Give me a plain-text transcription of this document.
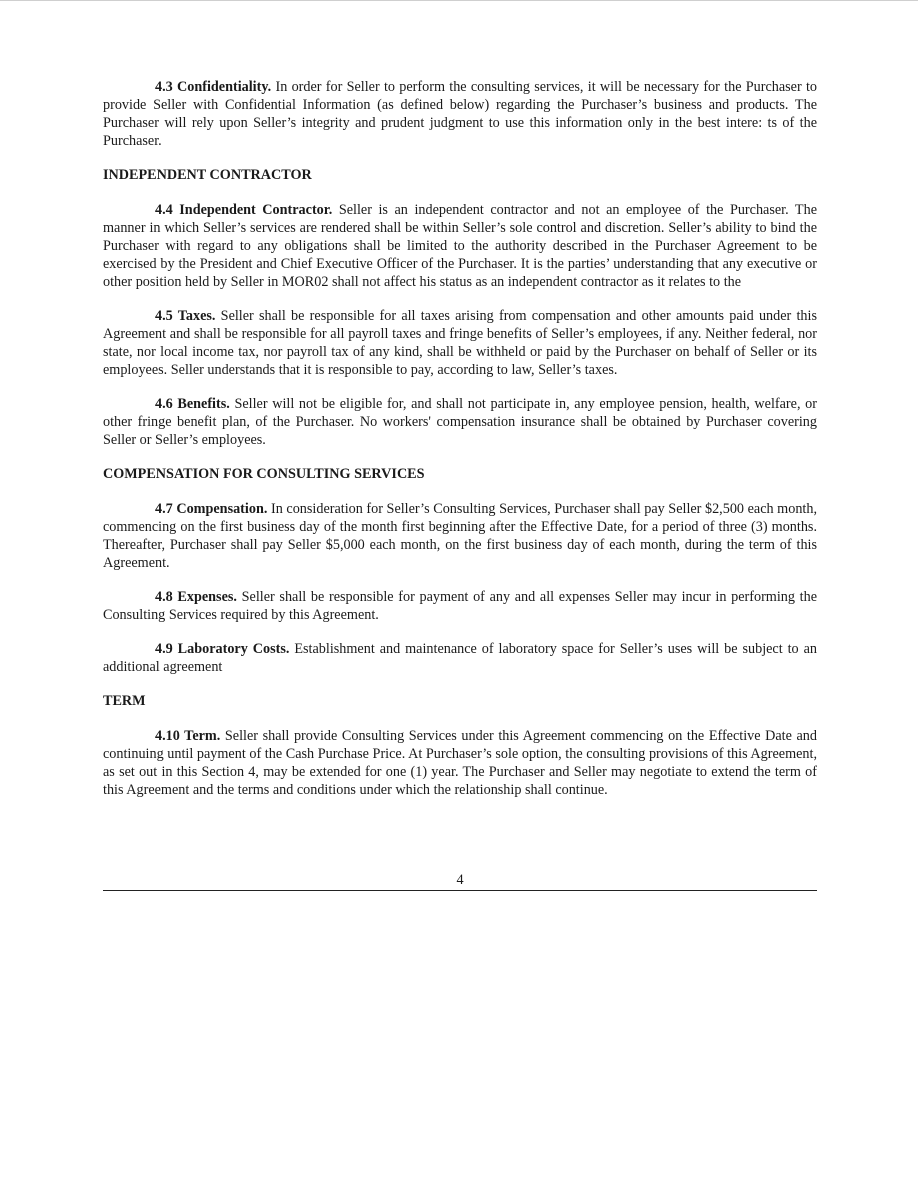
4.3 Confidentiality. In order for Seller to perform the consulting services, it will be necessary for the Purchaser to provide Seller with Confidential Information (as defined below) regarding the Purchaser’s business and products. The Purchaser will rely upon Seller’s integrity and prudent judgment to use this information only in the best intere: ts of the Purchaser.

INDEPENDENT CONTRACTOR

4.4 Independent Contractor. Seller is an independent contractor and not an employee of the Purchaser. The manner in which Seller’s services are rendered shall be within Seller’s sole control and discretion. Seller’s ability to bind the Purchaser with regard to any obligations shall be limited to the authority described in the Purchaser Agreement to be exercised by the President and Chief Executive Officer of the Purchaser. It is the parties’ understanding that any executive or other position held by Seller in MOR02 shall not affect his status as an independent contractor as it relates to the

4.5 Taxes. Seller shall be responsible for all taxes arising from compensation and other amounts paid under this Agreement and shall be responsible for all payroll taxes and fringe benefits of Seller’s employees, if any. Neither federal, nor state, nor local income tax, nor payroll tax of any kind, shall be withheld or paid by the Purchaser on behalf of Seller or its employees. Seller understands that it is responsible to pay, according to law, Seller’s taxes.

4.6 Benefits. Seller will not be eligible for, and shall not participate in, any employee pension, health, welfare, or other fringe benefit plan, of the Purchaser. No workers' compensation insurance shall be obtained by Purchaser covering Seller or Seller’s employees.

COMPENSATION FOR CONSULTING SERVICES

4.7 Compensation. In consideration for Seller’s Consulting Services, Purchaser shall pay Seller $2,500 each month, commencing on the first business day of the month first beginning after the Effective Date, for a period of three (3) months. Thereafter, Purchaser shall pay Seller $5,000 each month, on the first business day of each month, during the term of this Agreement.

4.8 Expenses. Seller shall be responsible for payment of any and all expenses Seller may incur in performing the Consulting Services required by this Agreement.

4.9 Laboratory Costs. Establishment and maintenance of laboratory space for Seller’s uses will be subject to an additional agreement

TERM

4.10 Term. Seller shall provide Consulting Services under this Agreement commencing on the Effective Date and continuing until payment of the Cash Purchase Price. At Purchaser’s sole option, the consulting provisions of this Agreement, as set out in this Section 4, may be extended for one (1) year. The Purchaser and Seller may negotiate to extend the term of this Agreement and the terms and conditions under which the relationship shall continue.

4
